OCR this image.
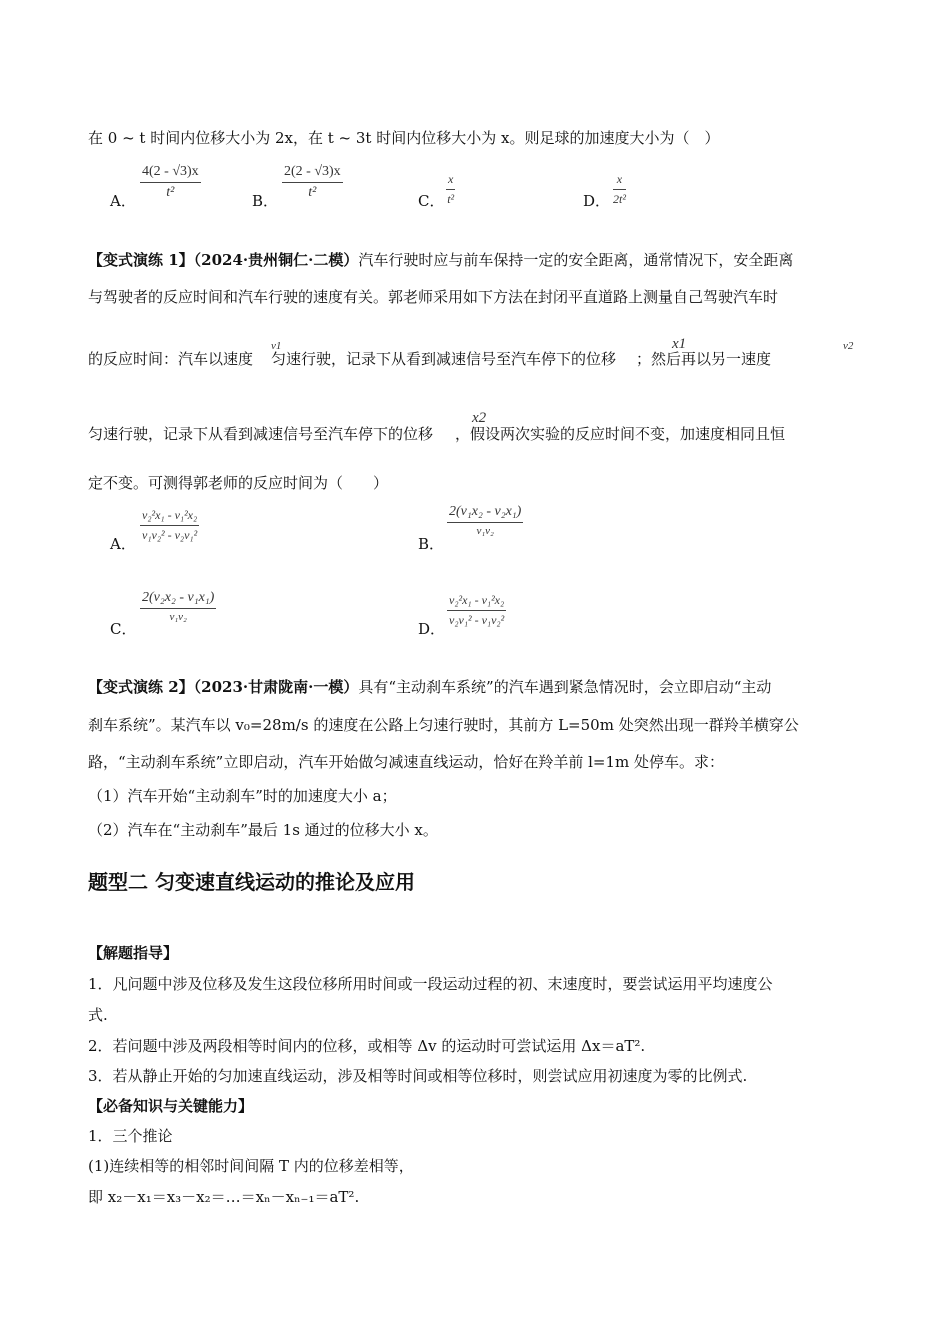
在 0 ~ t 时间内位移大小为 2x，在 t ~ 3t 时间内位移大小为 x。则足球的加速度大小为（　）
A． $\frac{4(2 - √3)x}{\text{t²}}$	B． $\frac{2(2 - √3)x}{\text{t²}}$	C． $\frac{x}{\text{t²}}$	D． $\frac{x}{\text{2t²}}$
【变式演练 1】（2024·贵州铜仁·二模）汽车行驶时应与前车保持一定的安全距离，通常情况下，安全距离
与驾驶者的反应时间和汽车行驶的速度有关。郭老师采用如下方法在封闭平直道路上测量自己驾驶汽车时
的反应时间：汽车以速度 匀速行驶，记录下从看到减速信号至汽车停下的位移 ；然后再以另一速度
v1	x1	v2
匀速行驶，记录下从看到减速信号至汽车停下的位移 ，假设两次实验的反应时间不变，加速度相同且恒
x2
定不变。可测得郭老师的反应时间为（　　）
A．
$\frac{\text{v₂²x₁ - v₁²x₂}}{\text{v₁v₂² - v₂v₁²}}$
B．
2(v₁x₂ - v₂x₁)
v₁v₂
C．
2(v₂x₂ - v₁x₁)
v₁v₂
D．
$\frac{\text{v₂²x₁ - v₁²x₂}}{\text{v₂v₁² - v₁v₂²}}$
【变式演练 2】（2023·甘肃陇南·一模）具有“主动刹车系统”的汽车遇到紧急情况时，会立即启动“主动
刹车系统”。某汽车以 v₀=28m/s 的速度在公路上匀速行驶时，其前方 L=50m 处突然出现一群羚羊横穿公
路，“主动刹车系统”立即启动，汽车开始做匀减速直线运动，恰好在羚羊前 l=1m 处停车。求：
（1）汽车开始“主动刹车”时的加速度大小 a；
（2）汽车在“主动刹车”最后 1s 通过的位移大小 x。
题型二 匀变速直线运动的推论及应用
【解题指导】
1．凡问题中涉及位移及发生这段位移所用时间或一段运动过程的初、末速度时，要尝试运用平均速度公
式.
2．若问题中涉及两段相等时间内的位移，或相等 Δv 的运动时可尝试运用 Δx＝aT².
3．若从静止开始的匀加速直线运动，涉及相等时间或相等位移时，则尝试应用初速度为零的比例式.
【必备知识与关键能力】
1．三个推论
(1)连续相等的相邻时间间隔 T 内的位移差相等，
即 x₂－x₁＝x₃－x₂＝…＝xₙ－xₙ₋₁＝aT².
